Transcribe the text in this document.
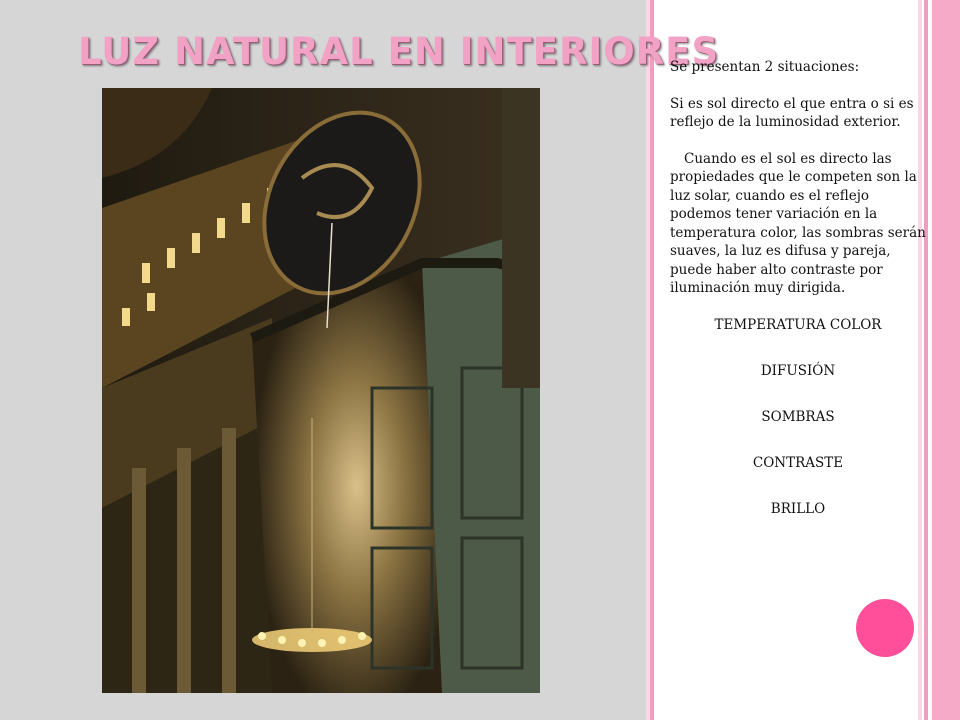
LUZ NATURAL EN INTERIORES

Se presentan 2 situaciones:

Si es sol directo el que entra o si es reflejo de la luminosidad exterior.

Cuando es el sol es directo las propiedades que le competen son la luz solar, cuando es el reflejo podemos tener variación en la temperatura color, las sombras serán suaves, la luz es difusa y pareja, puede haber alto contraste por iluminación muy dirigida.

TEMPERATURA COLOR
DIFUSIÓN
SOMBRAS
CONTRASTE
BRILLO
